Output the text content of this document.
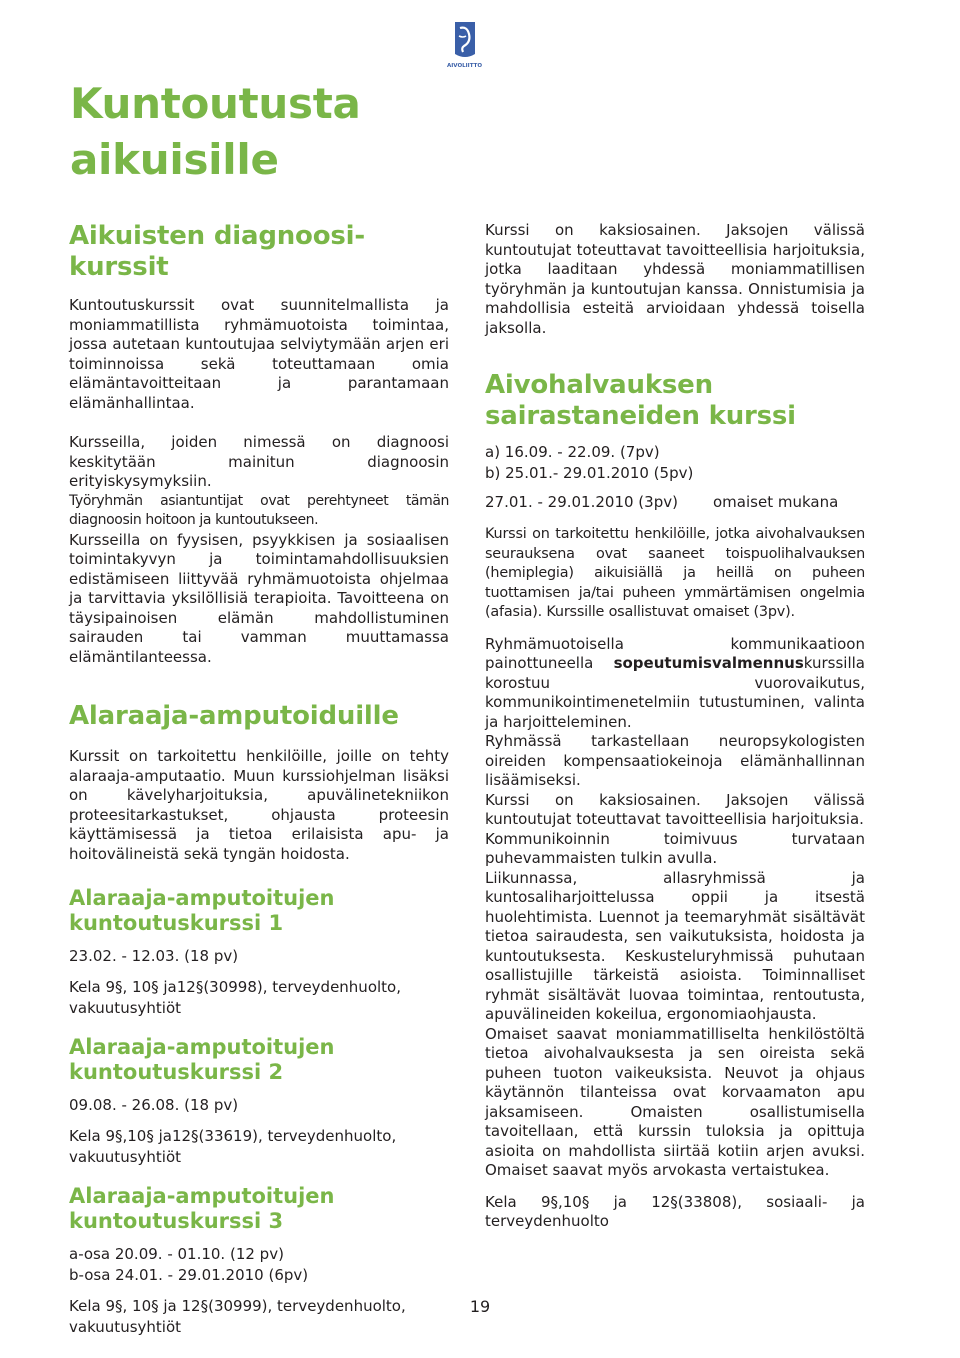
AIVOLIITTO
Kuntoutusta
aikuisille
Aikuisten diagnoosi-
kurssit

Kuntoutuskurssit ovat suunnitelmallista ja moniammatillista ryhmämuotoista toimintaa, jossa autetaan kuntoutujaa selviytymään arjen eri toiminnoissa sekä toteuttamaan omia elämäntavoitteitaan ja parantamaan elämänhallintaa.

Kursseilla, joiden nimessä on diagnoosi keskitytään mainitun diagnoosin erityiskysymyksiin.

Työryhmän asiantuntijat ovat perehtyneet tämän diagnoosin hoitoon ja kuntoutukseen.

Kursseilla on fyysisen, psyykkisen ja sosiaalisen toimintakyvyn ja toimintamahdollisuuksien edistämiseen liittyvää ryhmämuotoista ohjelmaa ja tarvittavia yksilöllisiä terapioita. Tavoitteena on täysipainoisen elämän mahdollistuminen sairauden tai vamman muuttamassa elämäntilanteessa.

Alaraaja-amputoiduille

Kurssit on tarkoitettu henkilöille, joille on tehty alaraaja-amputaatio. Muun kurssiohjelman lisäksi on kävelyharjoituksia, apuvälinetekniikon proteesitarkastukset, ohjausta proteesin käyttämisessä ja tietoa erilaisista apu- ja hoitovälineistä sekä tyngän hoidosta.

Alaraaja-amputoitujen
kuntoutuskurssi 1

23.02. - 12.03. (18 pv)

Kela 9§, 10§ ja12§(30998), terveydenhuolto,
vakuutusyhtiöt

Alaraaja-amputoitujen
kuntoutuskurssi 2

09.08. - 26.08. (18 pv)

Kela 9§,10§ ja12§(33619), terveydenhuolto,
vakuutusyhtiöt

Alaraaja-amputoitujen
kuntoutuskurssi 3

a-osa 20.09. - 01.10. (12 pv)
b-osa 24.01. - 29.01.2010 (6pv)

Kela 9§, 10§ ja 12§(30999), terveydenhuolto,
vakuutusyhtiöt

Kurssi on kaksiosainen. Jaksojen välissä kuntoutujat toteuttavat tavoitteellisia harjoituksia, jotka laaditaan yhdessä moniammatillisen työryhmän ja kuntoutujan kanssa. Onnistumisia ja mahdollisia esteitä arvioidaan yhdessä toisella jaksolla.

Aivohalvauksen
sairastaneiden kurssi

a) 16.09. - 22.09. (7pv)
b) 25.01.- 29.01.2010 (5pv)

27.01. - 29.01.2010 (3pv)	omaiset mukana

Kurssi on tarkoitettu henkilöille, jotka aivohalvauksen seurauksena ovat saaneet toispuolihalvauksen (hemiplegia) aikuisiällä ja heillä on puheen tuottamisen ja/tai puheen ymmärtämisen ongelmia (afasia). Kurssille osallistuvat omaiset (3pv).

Ryhmämuotoisella kommunikaatioon painottuneella sopeutumisvalmennuskurssilla korostuu vuorovaikutus, kommunikointimenetelmiin tutustuminen, valinta ja harjoitteleminen.

Ryhmässä tarkastellaan neuropsykologisten oireiden kompensaatiokeinoja elämänhallinnan lisäämiseksi.

Kurssi on kaksiosainen. Jaksojen välissä kuntoutujat toteuttavat tavoitteellisia harjoituksia.

Kommunikoinnin toimivuus turvataan puhevammaisten tulkin avulla.

Liikunnassa, allasryhmissä ja kuntosaliharjoittelussa oppii ja itsestä huolehtimista. Luennot ja teemaryhmät sisältävät tietoa sairaudesta, sen vaikutuksista, hoidosta ja kuntoutuksesta. Keskusteluryhmissä puhutaan osallistujille tärkeistä asioista. Toiminnalliset ryhmät sisältävät luovaa toimintaa, rentoutusta, apuvälineiden kokeilua, ergonomiaohjausta.

Omaiset saavat moniammatilliselta henkilöstöltä tietoa aivohalvauksesta ja sen oireista sekä puheen tuoton vaikeuksista. Neuvot ja ohjaus käytännön tilanteissa ovat korvaamaton apu jaksamiseen. Omaisten osallistumisella tavoitellaan, että kurssin tuloksia ja opittuja asioita on mahdollista siirtää kotiin arjen avuksi. Omaiset saavat myös arvokasta vertaistukea.

Kela 9§,10§ ja 12§(33808), sosiaali- ja terveydenhuolto

19
